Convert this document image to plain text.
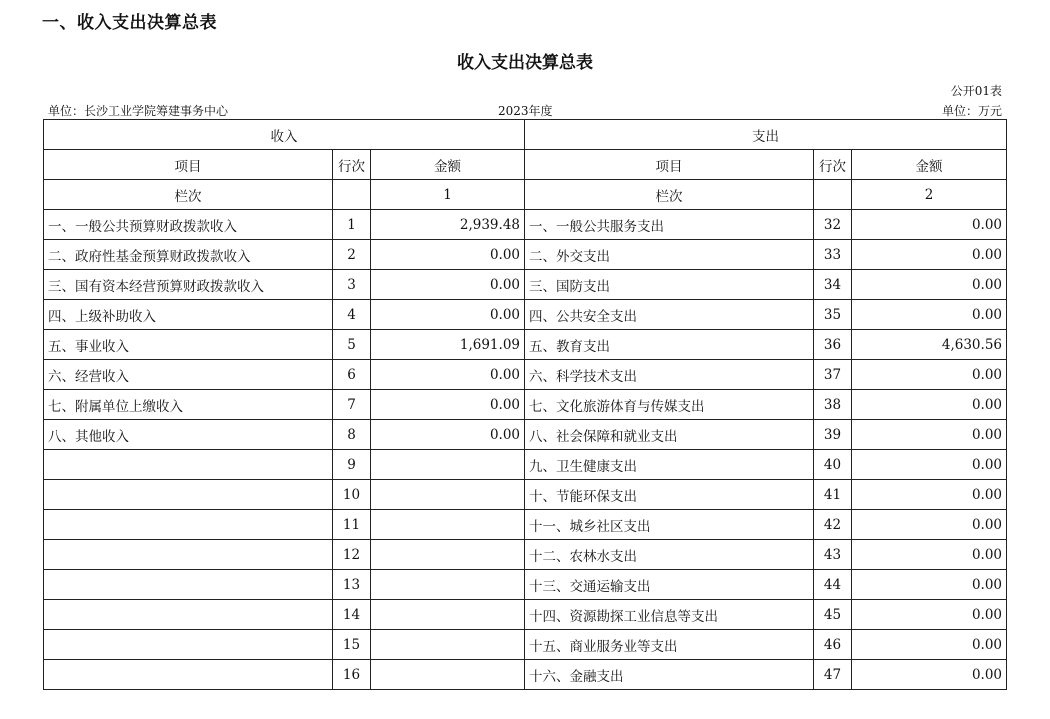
一、收入支出决算总表
收入支出决算总表
公开01表
单位：长沙工业学院筹建事务中心	2023年度	单位：万元
收入			支出		
项目	行次	金额	项目	行次	金额
栏次		1	栏次		2
一、一般公共预算财政拨款收入	1	2,939.48	一、一般公共服务支出	32	0.00
二、政府性基金预算财政拨款收入	2	0.00	二、外交支出	33	0.00
三、国有资本经营预算财政拨款收入	3	0.00	三、国防支出	34	0.00
四、上级补助收入	4	0.00	四、公共安全支出	35	0.00
五、事业收入	5	1,691.09	五、教育支出	36	4,630.56
六、经营收入	6	0.00	六、科学技术支出	37	0.00
七、附属单位上缴收入	7	0.00	七、文化旅游体育与传媒支出	38	0.00
八、其他收入	8	0.00	八、社会保障和就业支出	39	0.00
	9		九、卫生健康支出	40	0.00
	10		十、节能环保支出	41	0.00
	11		十一、城乡社区支出	42	0.00
	12		十二、农林水支出	43	0.00
	13		十三、交通运输支出	44	0.00
	14		十四、资源勘探工业信息等支出	45	0.00
	15		十五、商业服务业等支出	46	0.00
	16		十六、金融支出	47	0.00
